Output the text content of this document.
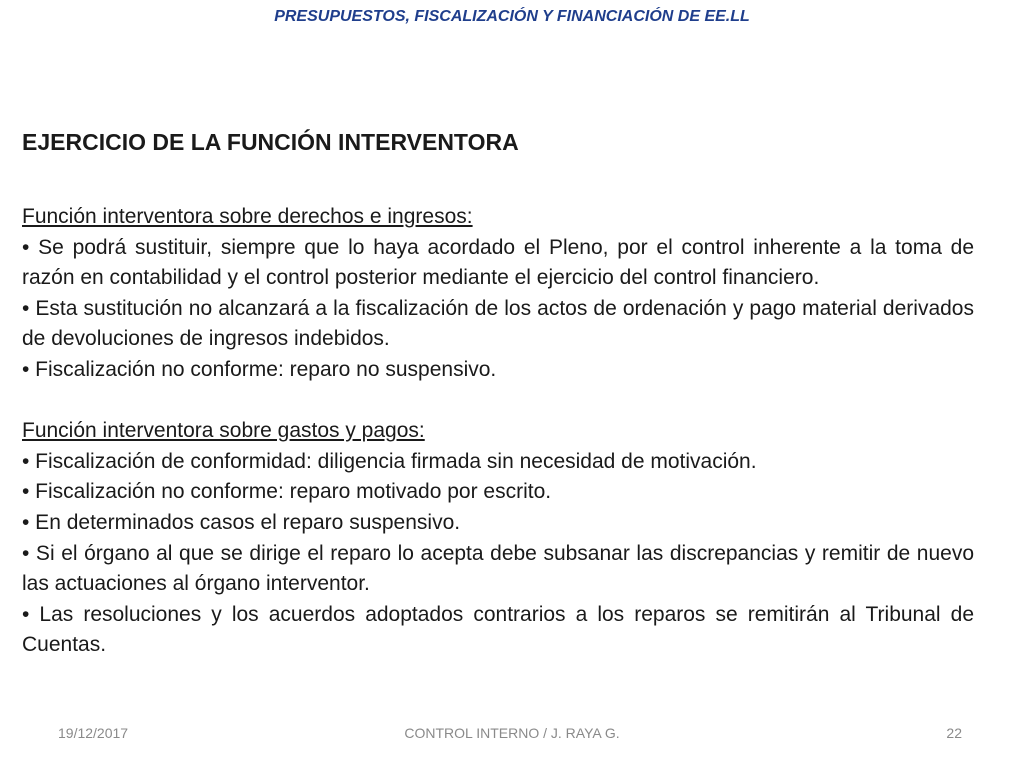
PRESUPUESTOS, FISCALIZACIÓN Y FINANCIACIÓN DE EE.LL
EJERCICIO DE LA FUNCIÓN INTERVENTORA

Función interventora sobre derechos e ingresos:

• Se podrá sustituir, siempre que lo haya acordado el Pleno, por el control inherente a la toma de razón en contabilidad y el control posterior mediante el ejercicio del control financiero.

• Esta sustitución no alcanzará a la fiscalización de los actos de ordenación y pago material derivados de devoluciones de ingresos indebidos.

• Fiscalización no conforme: reparo no suspensivo.

Función interventora sobre gastos y pagos:

• Fiscalización de conformidad: diligencia firmada sin necesidad de motivación.

• Fiscalización no conforme: reparo motivado por escrito.

• En determinados casos el reparo suspensivo.

• Si el órgano al que se dirige el reparo lo acepta debe subsanar las discrepancias y remitir de nuevo las actuaciones al órgano interventor.

• Las resoluciones y los acuerdos adoptados contrarios a los reparos se remitirán al Tribunal de Cuentas.

19/12/2017	CONTROL INTERNO / J. RAYA G.	22
